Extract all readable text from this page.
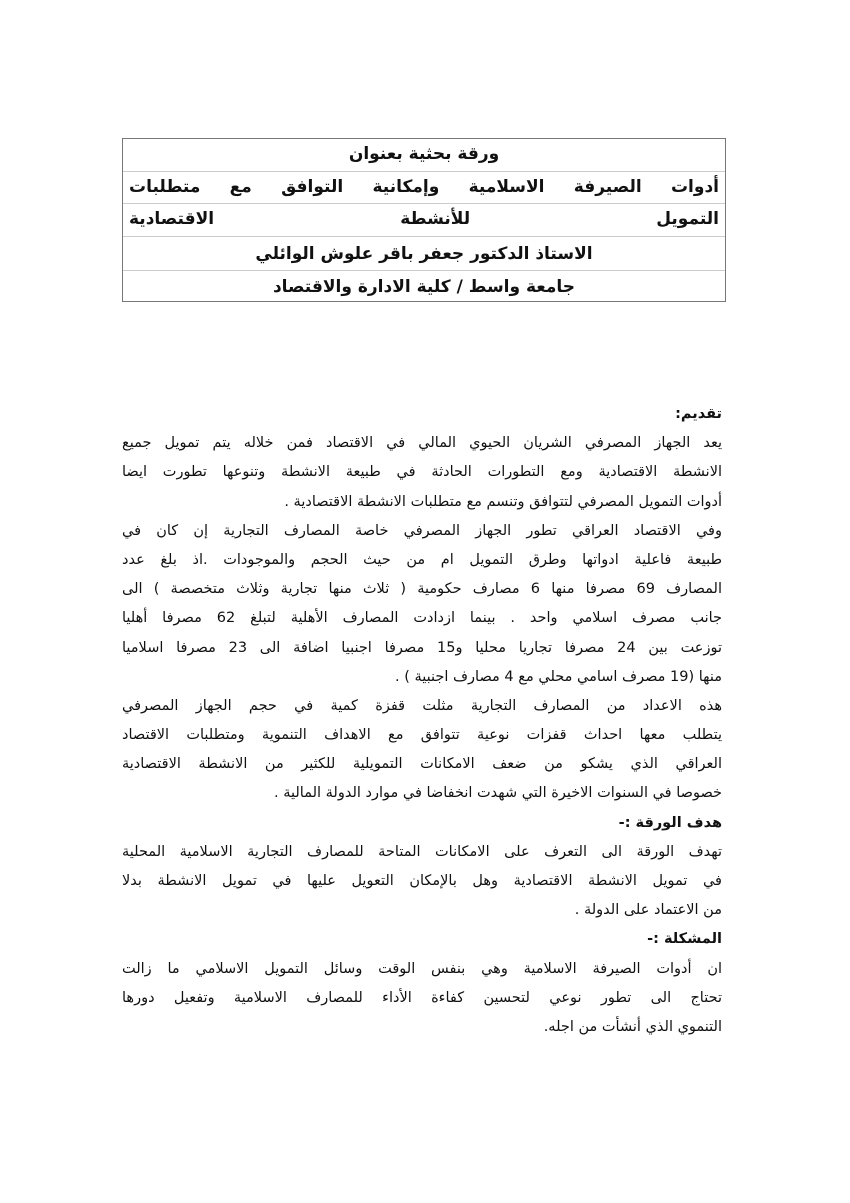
ورقة بحثية بعنوان
أدوات الصيرفة الاسلامية وإمكانية التوافق مع متطلبات
التمويل للأنشطة الاقتصادية
الاستاذ الدكتور جعفر باقر علوش الوائلي
جامعة واسط / كلية الادارة والاقتصاد
تقديم:
يعد الجهاز المصرفي الشريان الحيوي المالي في الاقتصاد فمن خلاله يتم تمويل جميع
الانشطة الاقتصادية ومع التطورات الحادثة في طبيعة الانشطة وتنوعها تطورت ايضا
أدوات التمويل المصرفي لتتوافق وتنسم مع متطلبات الانشطة الاقتصادية .
وفي الاقتصاد العراقي تطور الجهاز المصرفي خاصة المصارف التجارية إن كان في
طبيعة فاعلية ادواتها وطرق التمويل ام من حيث الحجم والموجودات .اذ بلغ عدد
المصارف 69 مصرفا منها 6 مصارف حكومية ( ثلاث منها تجارية وثلاث متخصصة ) الى
جانب مصرف اسلامي واحد . بينما ازدادت المصارف الأهلية لتبلغ 62 مصرفا أهليا
توزعت بين 24 مصرفا تجاريا محليا و15 مصرفا اجنبيا اضافة الى 23 مصرفا اسلاميا
منها (19 مصرف اسامي محلي مع 4 مصارف اجنبية ) .
هذه الاعداد من المصارف التجارية مثلت قفزة كمية في حجم الجهاز المصرفي
يتطلب معها احداث قفزات نوعية تتوافق مع الاهداف التنموية ومتطلبات الاقتصاد
العراقي الذي يشكو من ضعف الامكانات التمويلية للكثير من الانشطة الاقتصادية
خصوصا في السنوات الاخيرة التي شهدت انخفاضا في موارد الدولة المالية .
هدف الورقة :-
تهدف الورقة الى التعرف على الامكانات المتاحة للمصارف التجارية الاسلامية المحلية
في تمويل الانشطة الاقتصادية وهل بالإمكان التعويل عليها في تمويل الانشطة بدلا
من الاعتماد على الدولة .
المشكلة :-
ان أدوات الصيرفة الاسلامية وهي بنفس الوقت وسائل التمويل الاسلامي ما زالت
تحتاج الى تطور نوعي لتحسين كفاءة الأداء للمصارف الاسلامية وتفعيل دورها
التنموي الذي أنشأت من اجله.
